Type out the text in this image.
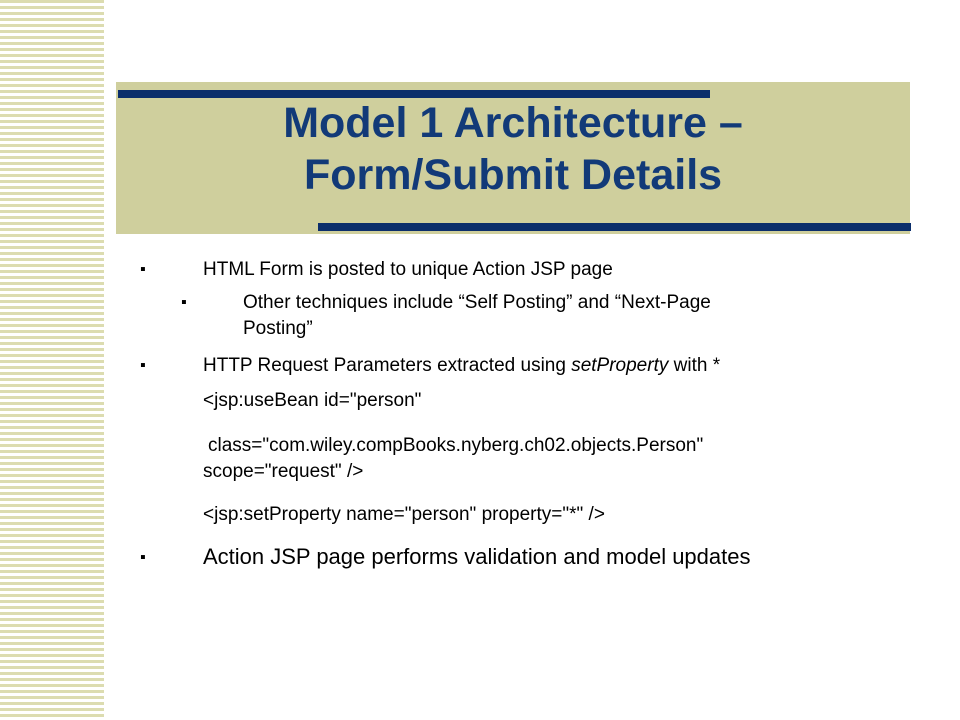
Model 1 Architecture –
Form/Submit Details
▪	HTML Form is posted to unique Action JSP page
▪	Other techniques include “Self Posting” and “Next-Page
Posting”
▪	HTTP Request Parameters extracted using setProperty with *
<jsp:useBean id="person"
class="com.wiley.compBooks.nyberg.ch02.objects.Person"
scope="request" />
<jsp:setProperty name="person" property="*" />
▪	Action JSP page performs validation and model updates
